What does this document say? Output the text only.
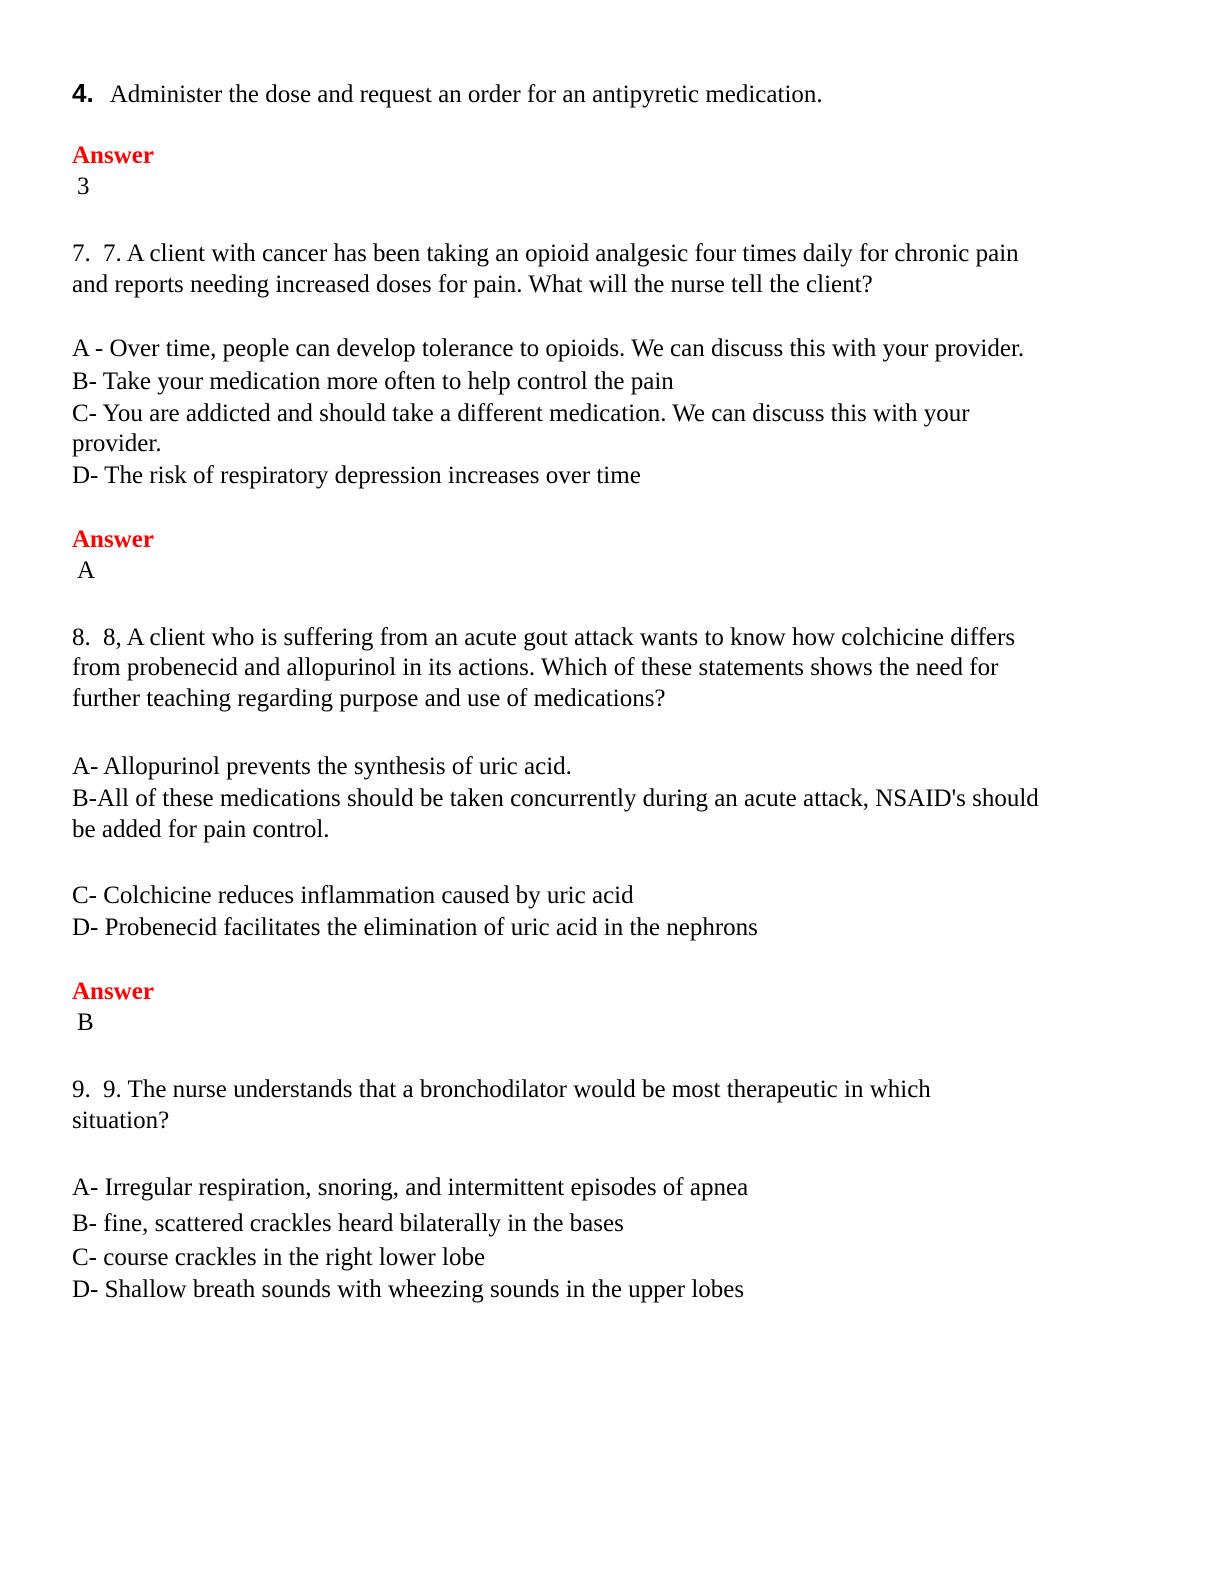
4. Administer the dose and request an order for an antipyretic medication.
Answer
3
7. 7. A client with cancer has been taking an opioid analgesic four times daily for chronic pain
and reports needing increased doses for pain. What will the nurse tell the client?
A - Over time, people can develop tolerance to opioids. We can discuss this with your provider.
B- Take your medication more often to help control the pain
C- You are addicted and should take a different medication. We can discuss this with your
provider.
D- The risk of respiratory depression increases over time
Answer
A
8. 8, A client who is suffering from an acute gout attack wants to know how colchicine differs
from probenecid and allopurinol in its actions. Which of these statements shows the need for
further teaching regarding purpose and use of medications?
A- Allopurinol prevents the synthesis of uric acid.
B-All of these medications should be taken concurrently during an acute attack, NSAID's should
be added for pain control.
C- Colchicine reduces inflammation caused by uric acid
D- Probenecid facilitates the elimination of uric acid in the nephrons
Answer
B
9. 9. The nurse understands that a bronchodilator would be most therapeutic in which
situation?
A- Irregular respiration, snoring, and intermittent episodes of apnea
B- fine, scattered crackles heard bilaterally in the bases
C- course crackles in the right lower lobe
D- Shallow breath sounds with wheezing sounds in the upper lobes
